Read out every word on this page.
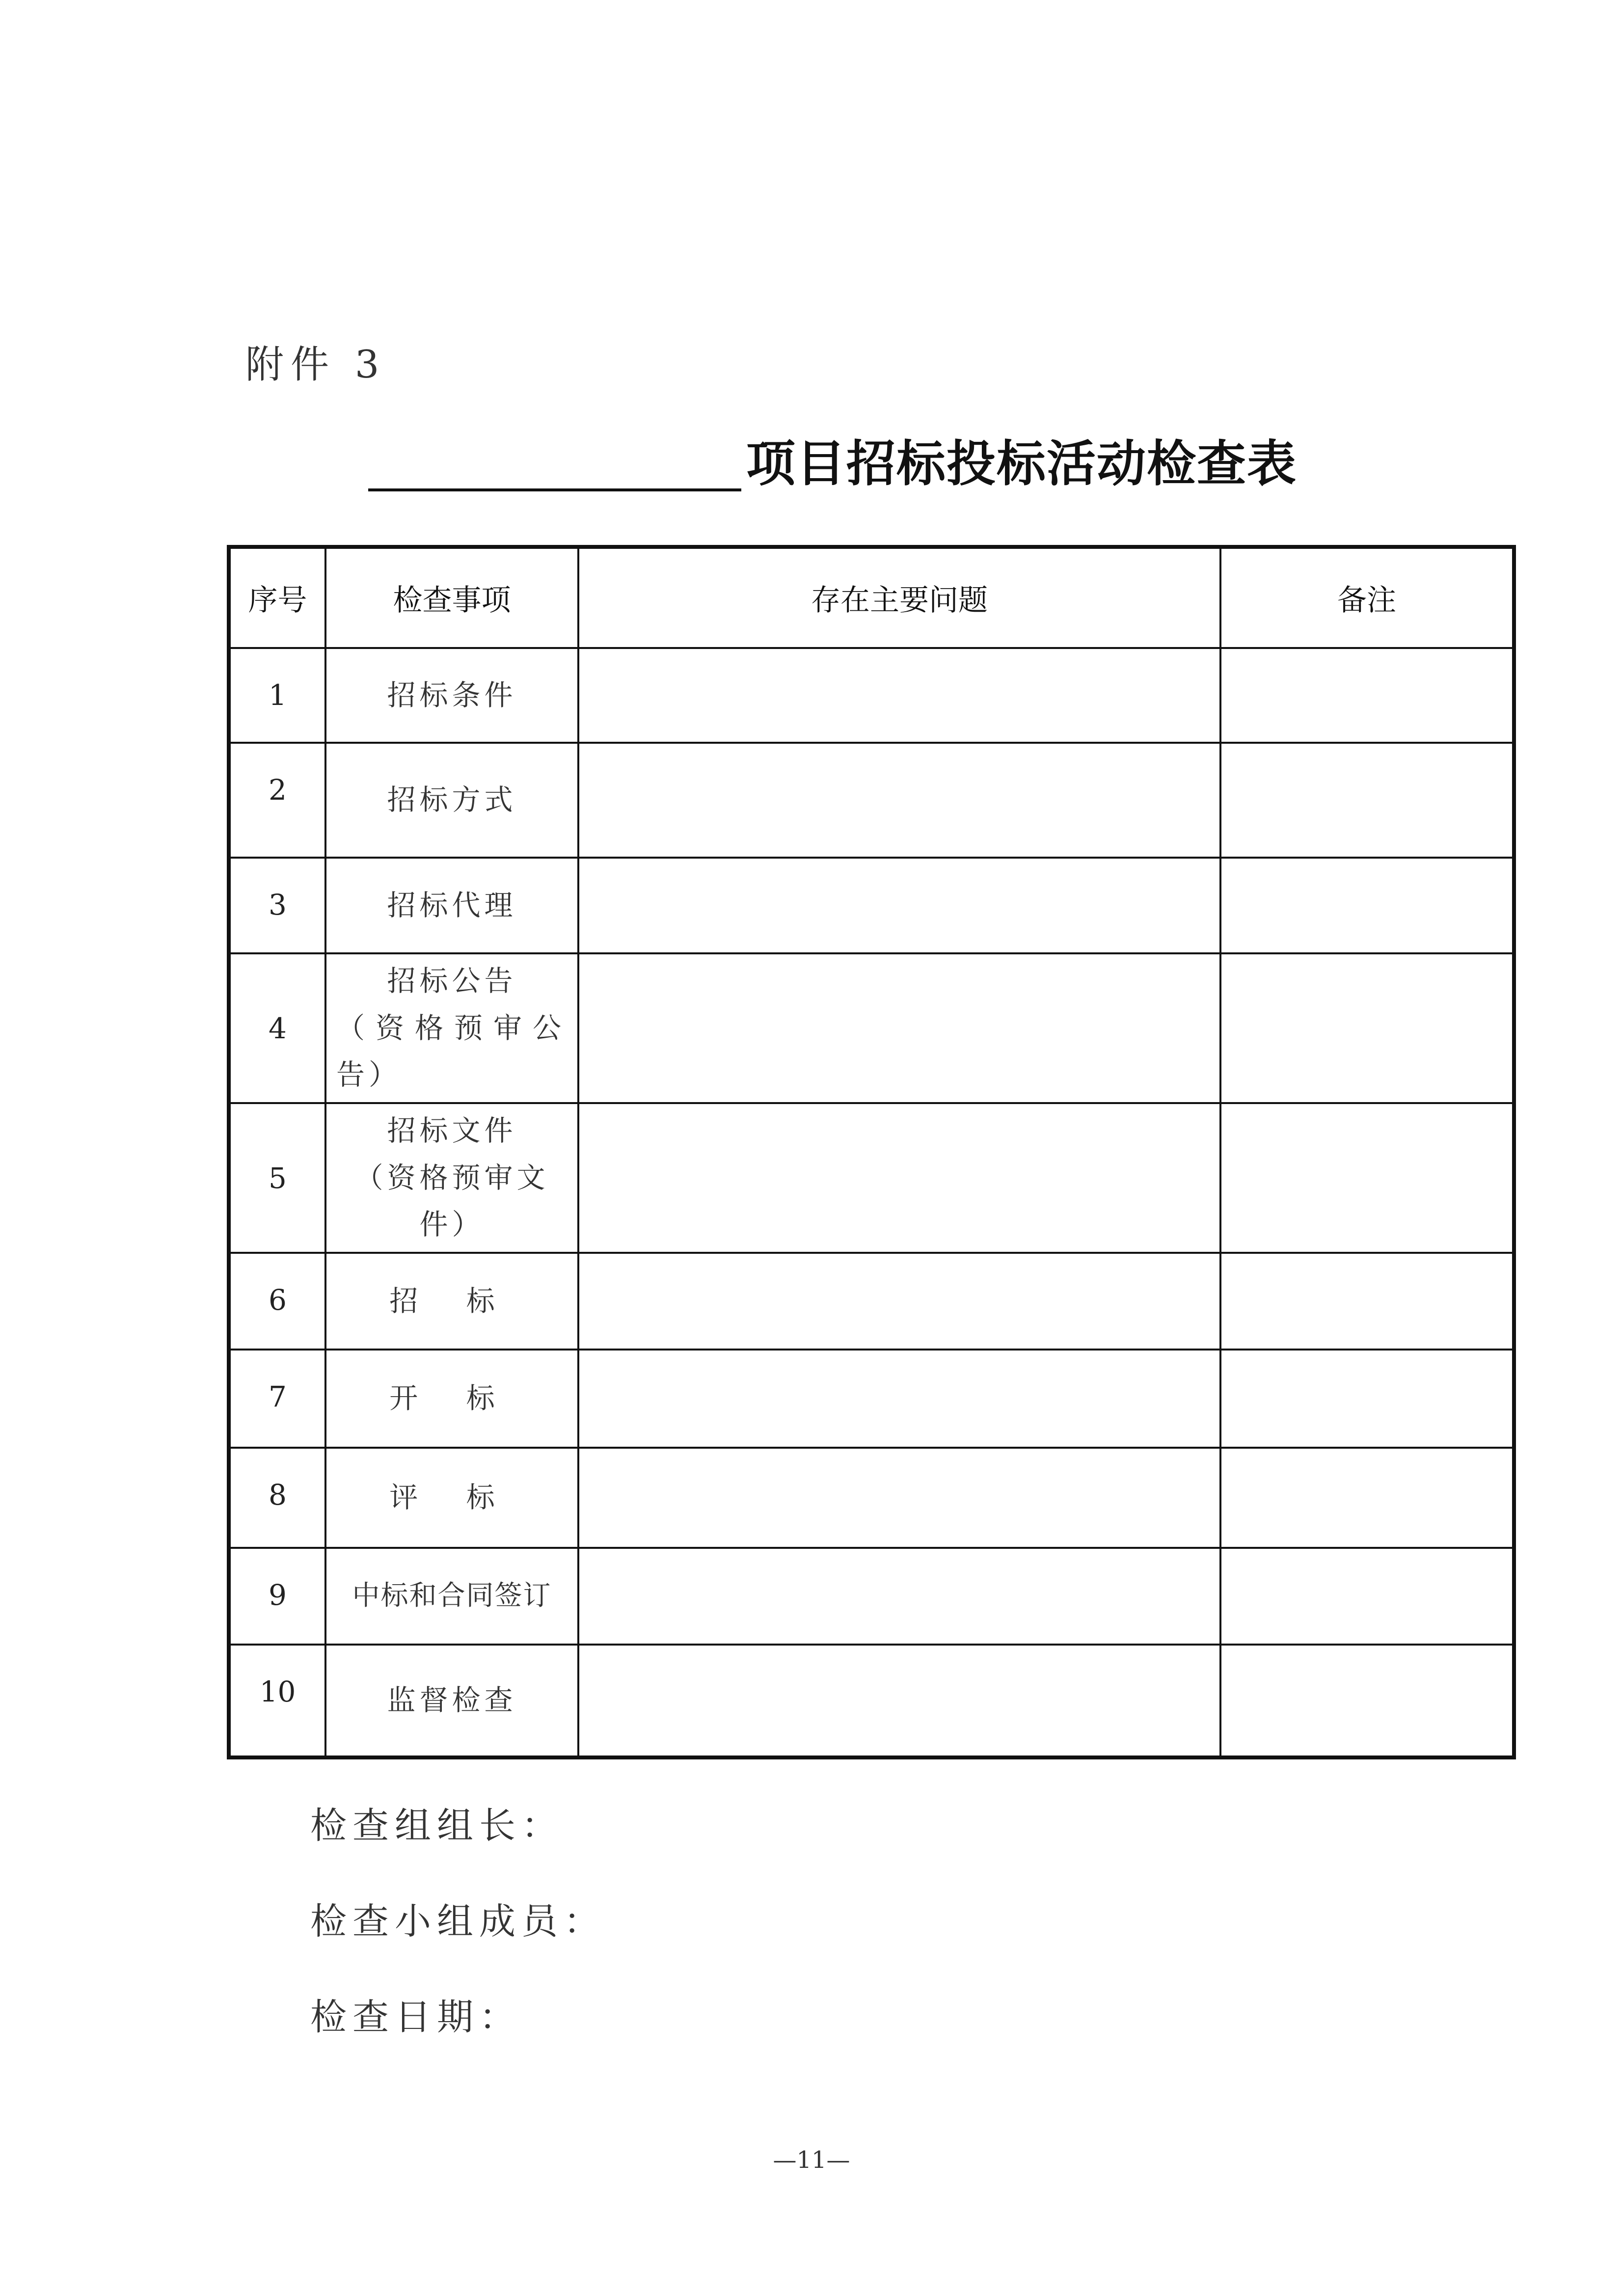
附件 3
项目招标投标活动检查表
序号	检查事项	存在主要问题	备注
1	招标条件		

2	招标方式		

3	招标代理		

4	招标公告
（资格预审公
告）		

5	招标文件
（资格预审文
件）		

6	招 标		

7	开 标		

8	评 标		

9	中标和合同签订		

10	监督检查		

检查组组长：
检查小组成员：
检查日期：
—11—
